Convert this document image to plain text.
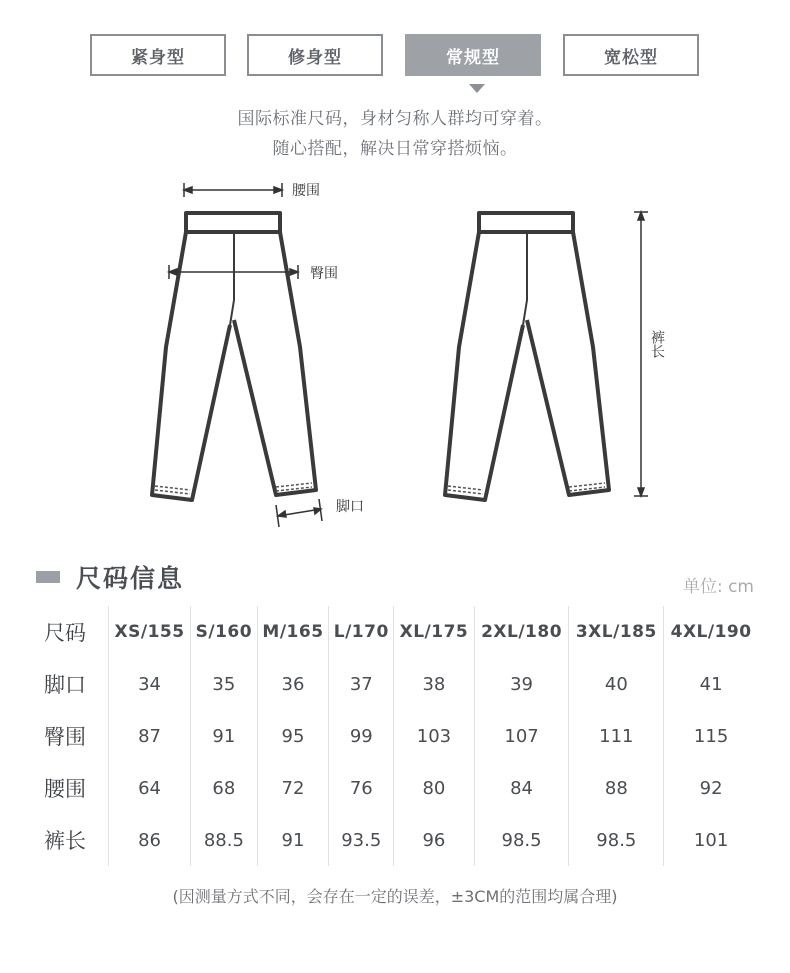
紧身型	修身型	常规型	宽松型
国际标准尺码，身材匀称人群均可穿着。
随心搭配，解决日常穿搭烦恼。
腰围
臀围
脚口
裤长
尺码信息	单位: cm
尺码	XS/155	S/160	M/165	L/170	XL/175	2XL/180	3XL/185	4XL/190
脚口	34	35	36	37	38	39	40	41
臀围	87	91	95	99	103	107	111	115
腰围	64	68	72	76	80	84	88	92
裤长	86	88.5	91	93.5	96	98.5	98.5	101
(因测量方式不同，会存在一定的误差，±3CM的范围均属合理)
